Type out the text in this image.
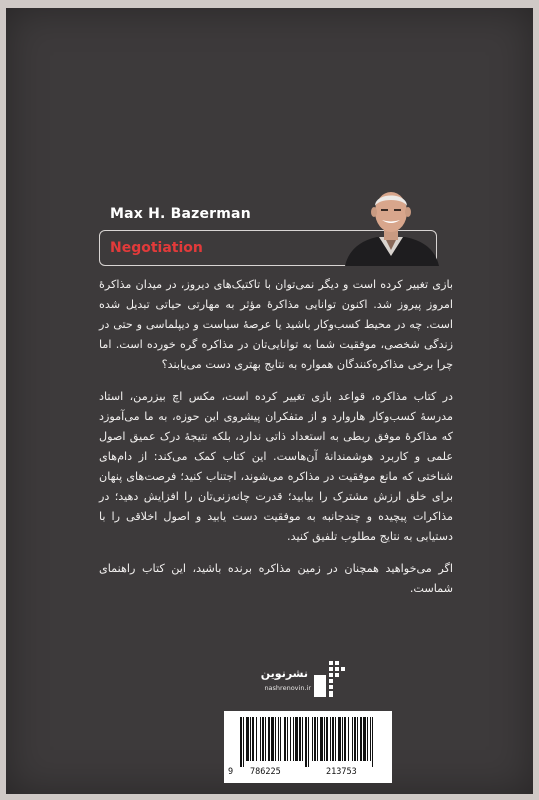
Max H. Bazerman
Negotiation

بازی تغییر کرده است و دیگر نمی‌توان با تاکتیک‌های دیروز، در میدان مذاکرهٔ امروز پیروز شد. اکنون توانایی مذاکرهٔ مؤثر به مهارتی حیاتی تبدیل شده است. چه در محیط کسب‌وکار باشید یا عرصهٔ سیاست و دیپلماسی و حتی در زندگی شخصی، موفقیت شما به توانایی‌تان در مذاکره گره خورده است. اما چرا برخی مذاکره‌کنندگان همواره به نتایج بهتری دست می‌یابند؟

در کتاب مذاکره، قواعد بازی تغییر کرده است، مکس اچ بیزرمن، استاد مدرسهٔ کسب‌وکار هاروارد و از متفکران پیشروی این حوزه، به ما می‌آموزد که مذاکرهٔ موفق ربطی به استعداد ذاتی ندارد، بلکه نتیجهٔ درک عمیق اصول علمی و کاربرد هوشمندانهٔ آن‌هاست. این کتاب کمک می‌کند: از دام‌های شناختی که مانع موفقیت در مذاکره می‌شوند، اجتناب کنید؛ فرصت‌های پنهان برای خلق ارزش مشترک را بیابید؛ قدرت چانه‌زنی‌تان را افزایش دهید؛ در مذاکرات پیچیده و چندجانبه به موفقیت دست یابید و اصول اخلاقی را با دستیابی به نتایج مطلوب تلفیق کنید.

اگر می‌خواهید همچنان در زمین مذاکره برنده باشید، این کتاب راهنمای شماست.

نشرنوین
nashrenovin.ir
9 786225	213753
